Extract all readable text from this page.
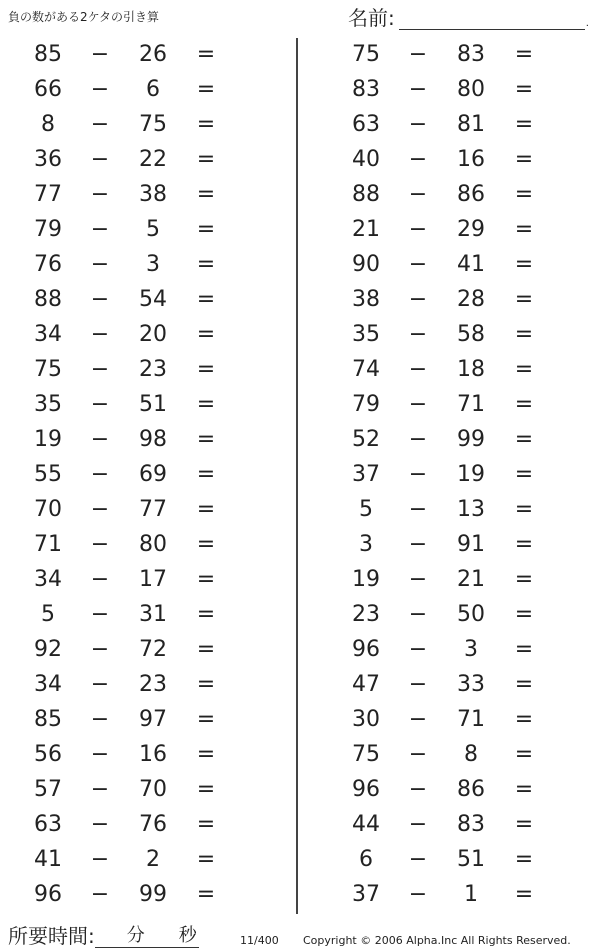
負の数がある2ケタの引き算	名前:	.
85	−	26	=
66	−	6	=
8	−	75	=
36	−	22	=
77	−	38	=
79	−	5	=
76	−	3	=
88	−	54	=
34	−	20	=
75	−	23	=
35	−	51	=
19	−	98	=
55	−	69	=
70	−	77	=
71	−	80	=
34	−	17	=
5	−	31	=
92	−	72	=
34	−	23	=
85	−	97	=
56	−	16	=
57	−	70	=
63	−	76	=
41	−	2	=
96	−	99	=
75	−	83	=
83	−	80	=
63	−	81	=
40	−	16	=
88	−	86	=
21	−	29	=
90	−	41	=
38	−	28	=
35	−	58	=
74	−	18	=
79	−	71	=
52	−	99	=
37	−	19	=
5	−	13	=
3	−	91	=
19	−	21	=
23	−	50	=
96	−	3	=
47	−	33	=
30	−	71	=
75	−	8	=
96	−	86	=
44	−	83	=
6	−	51	=
37	−	1	=
所要時間: 分 秒	11/400 Copyright © 2006 Alpha.Inc All Rights Reserved.
